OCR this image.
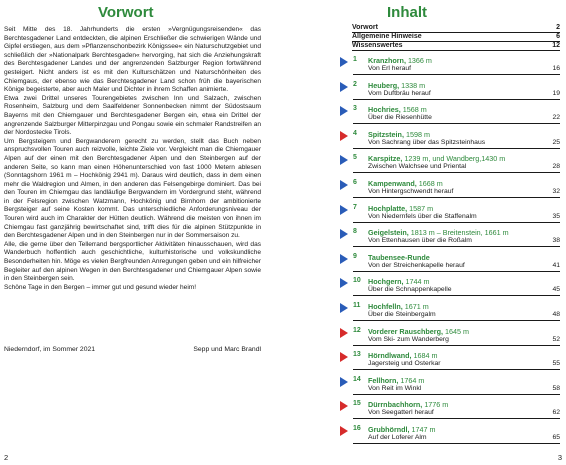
Vorwort

Seit Mitte des 18. Jahrhunderts die ersten »Vergnügungsreisenden« das Berchtesgadener Land entdeckten, die alpinen Erschließer die schwierigen Wände und Gipfel erstiegen, aus dem »Pflanzenschonbezirk Königssee« ein Naturschutzgebiet und schließlich der »Nationalpark Berchtesgaden« hervorging, hat sich die Anziehungskraft des Berchtesgadener Landes und der angrenzenden Salzburger Region fortwährend gesteigert. Nicht anders ist es mit den Kulturschätzen und Naturschönheiten des Chiemgaus, der ebenso wie das Berchtesgadener Land schon früh die bayerischen Könige begeisterte, aber auch Maler und Dichter in ihrem Schaffen animierte.

Etwa zwei Drittel unseres Tourengebietes zwischen Inn und Salzach, zwischen Rosenheim, Salzburg und dem Saalfeldener Sonnenbecken nimmt der Südostsaum Bayerns mit den Chiemgauer und Berchtesgadener Bergen ein, etwa ein Drittel der angrenzende Salzburger Mitterpinzgau und Pongau sowie ein schmaler Randstreifen an der Nordostecke Tirols.

Um Bergsteigern und Bergwanderern gerecht zu werden, stellt das Buch neben anspruchsvollen Touren auch reizvolle, leichte Ziele vor. Vergleicht man die Chiemgauer Alpen auf der einen mit den Berchtesgadener Alpen und den Steinbergen auf der anderen Seite, so kann man einen Höhenunterschied von fast 1000 Metern ablesen (Sonntagshorn 1961 m – Hochkönig 2941 m). Daraus wird deutlich, dass in dem einen mehr die Waldregion und Almen, in den anderen das Felsengebirge dominiert. Das bei den Touren im Chiemgau das landläufige Bergwandern im Vordergrund steht, während in der Felsregion zwischen Watzmann, Hochkönig und Birnhorn der ambitionierte Bergsteiger auf seine Kosten kommt. Das unterschiedliche Anforderungsniveau der Touren wird auch im Charakter der Hütten deutlich. Während die meisten von ihnen im Chiemgau fast ganzjährig bewirtschaftet sind, trifft dies für die alpinen Stützpunkte in den Berchtesgadener Alpen und in den Steinbergen nur in der Sommersaison zu.

Alle, die gerne über den Tellerrand bergsportlicher Aktivitäten hinausschauen, wird das Wanderbuch hoffentlich auch geschichtliche, kulturhistorische und volkskundliche Besonderheiten hin. Möge es vielen Bergfreunden Anregungen geben und ein hilfreicher Begleiter auf den alpinen Wegen in den Berchtesgadener und Chiemgauer Alpen sowie in den Steinbergen sein.

Schöne Tage in den Bergen – immer gut und gesund wieder heim!

Niederndorf, im Sommer 2021	Sepp und Marc Brandl
2
Inhalt
Vorwort	2
Allgemeine Hinweise	6
Wissenswertes	12
1 Kranzhorn, 1366 m
Von Erl herauf	16
2 Heuberg, 1338 m
Vom Duftbräu herauf	19
3 Hochries, 1568 m
Über die Riesenhütte	22
4 Spitzstein, 1598 m
Von Sachrang über das Spitzsteinhaus	25
5 Karspitze, 1239 m, und Wandberg,1430 m
Zwischen Walchsee und Priental	28
6 Kampenwand, 1668 m
Von Hintergschwendt herauf	32
7 Hochplatte, 1587 m
Von Niedernfels über die Staffenalm	35
8 Geigelstein, 1813 m – Breitenstein, 1661 m
Von Ettenhausen über die Roßalm	38
9 Taubensee-Runde
Von der Streichenkapelle herauf	41
10 Hochgern, 1744 m
Über die Schnappenkapelle	45
11 Hochfelln, 1671 m
Über die Steinbergalm	48
12 Vorderer Rauschberg, 1645 m
Vom Ski- zum Wanderberg	52
13 Hörndlwand, 1684 m
Jagersteig und Osterkar	55
14 Fellhorn, 1764 m
Von Reit im Winkl	58
15 Dürrnbachhorn, 1776 m
Von Seegatterl herauf	62
16 Grubhörndl, 1747 m
Auf der Loferer Alm	65
3
